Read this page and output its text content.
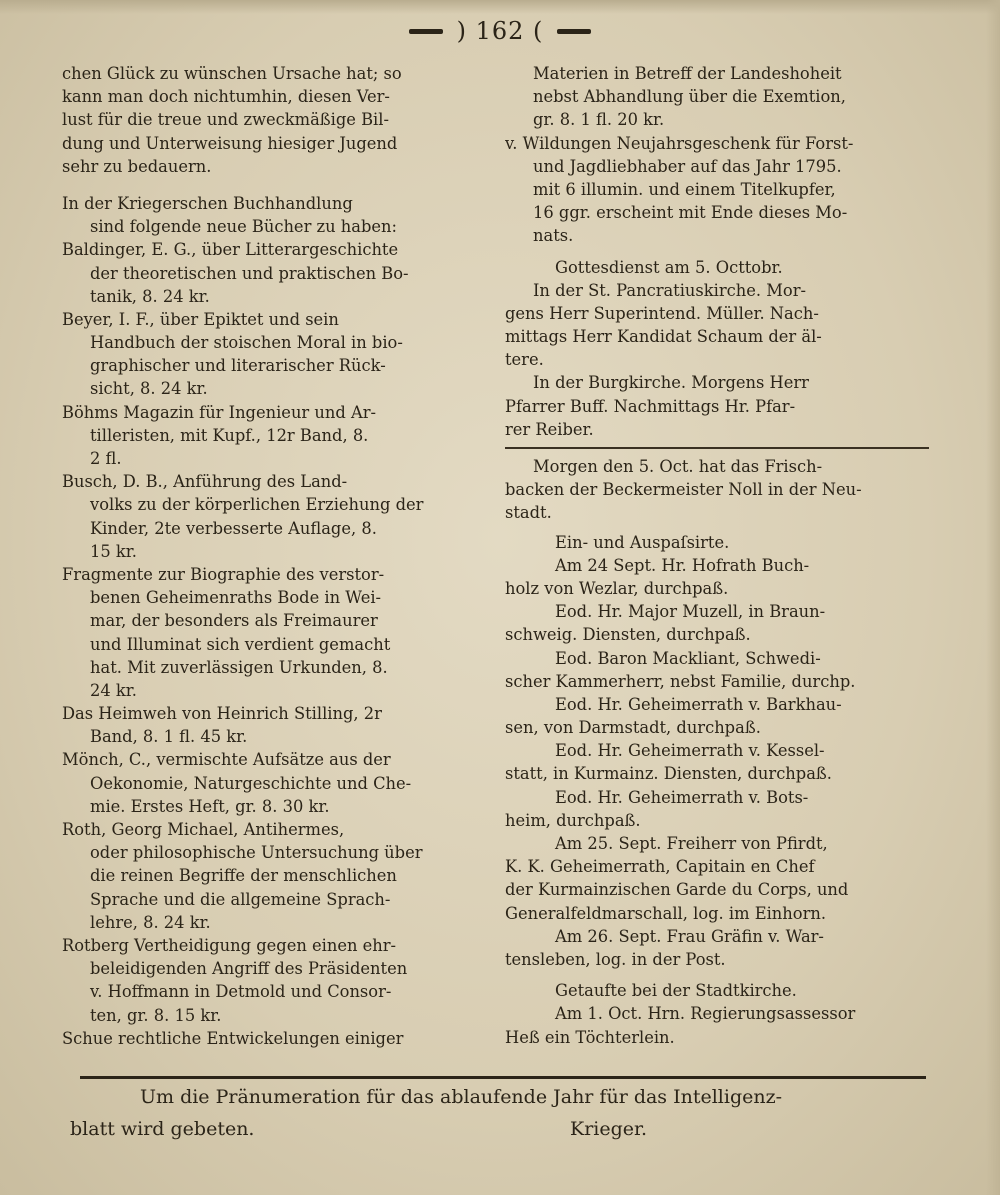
) 162 (
chen Glück zu wünschen Ursache hat; so
kann man doch nichtumhin, diesen Ver-
lust für die treue und zweckmäßige Bil-
dung und Unterweisung hiesiger Jugend
sehr zu bedauern.
In der Kriegerschen Buchhandlung
sind folgende neue Bücher zu haben:
Baldinger, E. G., über Litterargeschichte
der theoretischen und praktischen Bo-
tanik, 8. 24 kr.
Beyer, I. F., über Epiktet und sein
Handbuch der stoischen Moral in bio-
graphischer und literarischer Rück-
sicht, 8. 24 kr.
Böhms Magazin für Ingenieur und Ar-
tilleristen, mit Kupf., 12r Band, 8.
2 fl.
Busch, D. B., Anführung des Land-
volks zu der körperlichen Erziehung der
Kinder, 2te verbesserte Auflage, 8.
15 kr.
Fragmente zur Biographie des verstor-
benen Geheimenraths Bode in Wei-
mar, der besonders als Freimaurer
und Illuminat sich verdient gemacht
hat. Mit zuverlässigen Urkunden, 8.
24 kr.
Das Heimweh von Heinrich Stilling, 2r
Band, 8. 1 fl. 45 kr.
Mönch, C., vermischte Aufsätze aus der
Oekonomie, Naturgeschichte und Che-
mie. Erstes Heft, gr. 8. 30 kr.
Roth, Georg Michael, Antihermes,
oder philosophische Untersuchung über
die reinen Begriffe der menschlichen
Sprache und die allgemeine Sprach-
lehre, 8. 24 kr.
Rotberg Vertheidigung gegen einen ehr-
beleidigenden Angriff des Präsidenten
v. Hoffmann in Detmold und Consor-
ten, gr. 8. 15 kr.
Schue rechtliche Entwickelungen einiger
Materien in Betreff der Landeshoheit
nebst Abhandlung über die Exemtion,
gr. 8. 1 fl. 20 kr.
v. Wildungen Neujahrsgeschenk für Forst-
und Jagdliebhaber auf das Jahr 1795.
mit 6 illumin. und einem Titelkupfer,
16 ggr. erscheint mit Ende dieses Mo-
nats.
Gottesdienst am 5. Octtobr.
In der St. Pancratiuskirche. Mor-
gens Herr Superintend. Müller. Nach-
mittags Herr Kandidat Schaum der äl-
tere.
In der Burgkirche. Morgens Herr
Pfarrer Buff. Nachmittags Hr. Pfar-
rer Reiber.
Morgen den 5. Oct. hat das Frisch-
backen der Beckermeister Noll in der Neu-
stadt.
Ein- und Auspaſsirte.
Am 24 Sept. Hr. Hofrath Buch-
holz von Wezlar, durchpaß.
Eod. Hr. Major Muzell, in Braun-
schweig. Diensten, durchpaß.
Eod. Baron Mackliant, Schwedi-
scher Kammerherr, nebst Familie, durchp.
Eod. Hr. Geheimerrath v. Barkhau-
sen, von Darmstadt, durchpaß.
Eod. Hr. Geheimerrath v. Kessel-
statt, in Kurmainz. Diensten, durchpaß.
Eod. Hr. Geheimerrath v. Bots-
heim, durchpaß.
Am 25. Sept. Freiherr von Pfirdt,
K. K. Geheimerrath, Capitain en Chef
der Kurmainzischen Garde du Corps, und
Generalfeldmarschall, log. im Einhorn.
Am 26. Sept. Frau Gräfin v. War-
tensleben, log. in der Post.
Getaufte bei der Stadtkirche.
Am 1. Oct. Hrn. Regierungsassessor
Heß ein Töchterlein.
Um die Pränumeration für das ablaufende Jahr für das Intelligenz-
blatt wird gebeten.	Krieger.
